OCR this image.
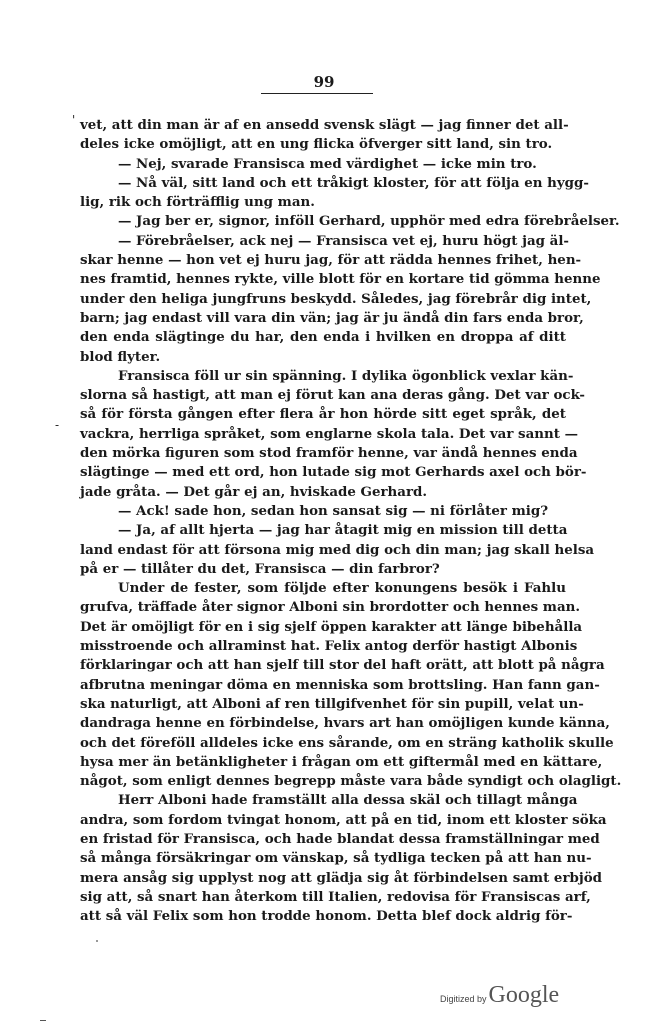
99
'
-
vet, att din man är af en ansedd svensk slägt — jag finner det all-
deles icke omöjligt, att en ung flicka öfverger sitt land, sin tro.
— Nej, svarade Fransisca med värdighet — icke min tro.
— Nå väl, sitt land och ett tråkigt kloster, för att följa en hygg-
lig, rik och förträfflig ung man.
— Jag ber er, signor, inföll Gerhard, upphör med edra förebråelser.
— Förebråelser, ack nej — Fransisca vet ej, huru högt jag äl-
skar henne — hon vet ej huru jag, för att rädda hennes frihet, hen-
nes framtid, hennes rykte, ville blott för en kortare tid gömma henne
under den heliga jungfruns beskydd. Således, jag förebrår dig intet,
barn; jag endast vill vara din vän; jag är ju ändå din fars enda bror,
den enda slägtinge du har, den enda i hvilken en droppa af ditt
blod flyter.
Fransisca föll ur sin spänning. I dylika ögonblick vexlar kän-
slorna så hastigt, att man ej förut kan ana deras gång. Det var ock-
så för första gången efter flera år hon hörde sitt eget språk, det
vackra, herrliga språket, som englarne skola tala. Det var sannt —
den mörka figuren som stod framför henne, var ändå hennes enda
slägtinge — med ett ord, hon lutade sig mot Gerhards axel och bör-
jade gråta. — Det går ej an, hviskade Gerhard.
— Ack! sade hon, sedan hon sansat sig — ni förlåter mig?
— Ja, af allt hjerta — jag har åtagit mig en mission till detta
land endast för att försona mig med dig och din man; jag skall helsa
på er — tillåter du det, Fransisca — din farbror?
Under de fester, som följde efter konungens besök i Fahlu
grufva, träffade åter signor Alboni sin brordotter och hennes man.
Det är omöjligt för en i sig sjelf öppen karakter att länge bibehålla
misstroende och allraminst hat. Felix antog derför hastigt Albonis
förklaringar och att han sjelf till stor del haft orätt, att blott på några
afbrutna meningar döma en menniska som brottsling. Han fann gan-
ska naturligt, att Alboni af ren tillgifvenhet för sin pupill, velat un-
dandraga henne en förbindelse, hvars art han omöjligen kunde känna,
och det föreföll alldeles icke ens sårande, om en sträng katholik skulle
hysa mer än betänkligheter i frågan om ett giftermål med en kättare,
något, som enligt dennes begrepp måste vara både syndigt och olagligt.
Herr Alboni hade framställt alla dessa skäl och tillagt många
andra, som fordom tvingat honom, att på en tid, inom ett kloster söka
en fristad för Fransisca, och hade blandat dessa framställningar med
så många försäkringar om vänskap, så tydliga tecken på att han nu-
mera ansåg sig upplyst nog att glädja sig åt förbindelsen samt erbjöd
sig att, så snart han återkom till Italien, redovisa för Fransiscas arf,
att så väl Felix som hon trodde honom. Detta blef dock aldrig för-
Digitized by Google
